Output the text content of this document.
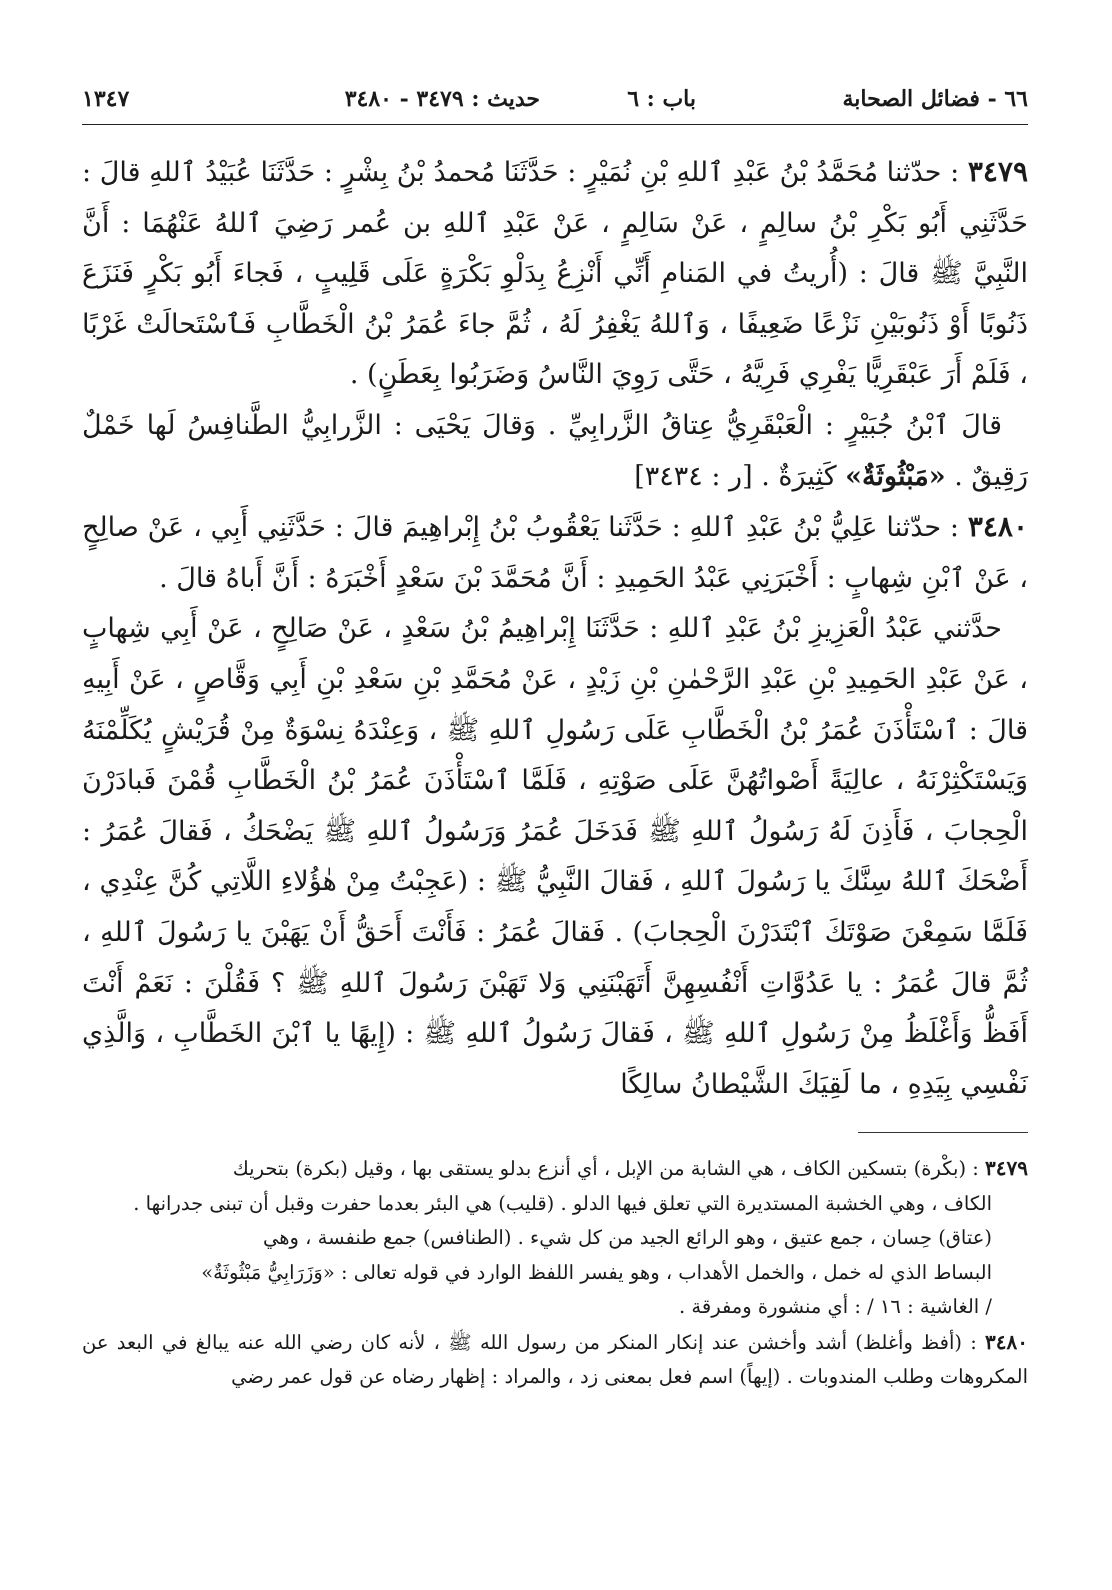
٦٦ - فضائل الصحابة
باب : ٦
حديث : ٣٤٧٩ - ٣٤٨٠
١٣٤٧

٣٤٧٩ : حدّثنا مُحَمَّدُ بْنُ عَبْدِ ٱللهِ بْنِ نُمَيْرٍ : حَدَّثَنَا مُحمدُ بْنُ بِشْرٍ : حَدَّثَنَا عُبَيْدُ ٱللهِ قالَ : حَدَّثَنِي أَبُو بَكْرِ بْنُ سالِمٍ ، عَنْ سَالِمٍ ، عَنْ عَبْدِ ٱللهِ بن عُمر رَضِيَ ٱللهُ عَنْهُمَا : أَنَّ النَّبِيَّ ﷺ قالَ : (أُريتُ في المَنامِ أَنِّي أَنْزِعُ بِدَلْوِ بَكْرَةٍ عَلَى قَلِيبٍ ، فَجاءَ أَبُو بَكْرٍ فَنَزَعَ ذَنُوبًا أَوْ ذَنُوبَيْنِ نَزْعًا ضَعِيفًا ، وَٱللهُ يَغْفِرُ لَهُ ، ثُمَّ جاءَ عُمَرُ بْنُ الْخَطَّابِ فَٱسْتَحالَتْ غَرْبًا ، فَلَمْ أَرَ عَبْقَرِيًّا يَفْرِي فَرِيَّهُ ، حَتَّى رَوِيَ النَّاسُ وَضَرَبُوا بِعَطَنٍ) .

قالَ ٱبْنُ جُبَيْرٍ : الْعَبْقَرِيُّ عِتاقُ الزَّرابِيِّ . وَقالَ يَحْيَى : الزَّرابِيُّ الطَّنافِسُ لَها خَمْلٌ رَقِيقٌ . «مَبْثُوثَةٌ» كَثِيرَةٌ . [ر : ٣٤٣٤]

٣٤٨٠ : حدّثنا عَلِيُّ بْنُ عَبْدِ ٱللهِ : حَدَّثَنا يَعْقُوبُ بْنُ إِبْراهِيمَ قالَ : حَدَّثَنِي أَبِي ، عَنْ صالِحٍ ، عَنْ ٱبْنِ شِهابٍ : أَخْبَرَنِي عَبْدُ الحَمِيدِ : أَنَّ مُحَمَّدَ بْنَ سَعْدٍ أَخْبَرَهُ : أَنَّ أَباهُ قالَ .

حدَّثني عَبْدُ الْعَزِيزِ بْنُ عَبْدِ ٱللهِ : حَدَّثَنَا إِبْراهِيمُ بْنُ سَعْدٍ ، عَنْ صَالِحٍ ، عَنْ أَبِي شِهابٍ ، عَنْ عَبْدِ الحَمِيدِ بْنِ عَبْدِ الرَّحْمٰنِ بْنِ زَيْدٍ ، عَنْ مُحَمَّدِ بْنِ سَعْدِ بْنِ أَبِي وَقَّاصٍ ، عَنْ أَبِيهِ قالَ : ٱسْتَأْذَنَ عُمَرُ بْنُ الْخَطَّابِ عَلَى رَسُولِ ٱللهِ ﷺ ، وَعِنْدَهُ نِسْوَةٌ مِنْ قُرَيْشٍ يُكَلِّمْنَهُ وَيَسْتَكْثِرْنَهُ ، عالِيَةً أَصْواتُهُنَّ عَلَى صَوْتِهِ ، فَلَمَّا ٱسْتَأْذَنَ عُمَرُ بْنُ الْخَطَّابِ قُمْنَ فَبادَرْنَ الْحِجابَ ، فَأَذِنَ لَهُ رَسُولُ ٱللهِ ﷺ فَدَخَلَ عُمَرُ وَرَسُولُ ٱللهِ ﷺ يَضْحَكُ ، فَقالَ عُمَرُ : أَضْحَكَ ٱللهُ سِنَّكَ يا رَسُولَ ٱللهِ ، فَقالَ النَّبِيُّ ﷺ : (عَجِبْتُ مِنْ هٰؤُلاءِ اللَّاتِي كُنَّ عِنْدِي ، فَلَمَّا سَمِعْنَ صَوْتَكَ ٱبْتَدَرْنَ الْحِجابَ) . فَقالَ عُمَرُ : فَأَنْتَ أَحَقُّ أَنْ يَهَبْنَ يا رَسُولَ ٱللهِ ، ثُمَّ قالَ عُمَرُ : يا عَدُوَّاتِ أَنْفُسِهِنَّ أَتَهَبْنَنِي وَلا تَهَبْنَ رَسُولَ ٱللهِ ﷺ ؟ فَقُلْنَ : نَعَمْ أَنْتَ أَفَظُّ وَأَغْلَظُ مِنْ رَسُولِ ٱللهِ ﷺ ، فَقالَ رَسُولُ ٱللهِ ﷺ : (إِيهًا يا ٱبْنَ الخَطَّابِ ، وَالَّذِي نَفْسِي بِيَدِهِ ، ما لَقِيَكَ الشَّيْطانُ سالِكًا

٣٤٧٩ : (بكْرة) بتسكين الكاف ، هي الشابة من الإبل ، أي أنزع بدلو يستقى بها ، وقيل (بكرة) بتحريك

الكاف ، وهي الخشبة المستديرة التي تعلق فيها الدلو . (قليب) هي البئر بعدما حفرت وقبل أن تبنى جدرانها .

(عتاق) حِسان ، جمع عتيق ، وهو الرائع الجيد من كل شيء . (الطنافس) جمع طنفسة ، وهي

البساط الذي له خمل ، والخمل الأهداب ، وهو يفسر اللفظ الوارد في قوله تعالى : «وَزَرَابِيُّ مَبْثُوثَةٌ»

/ الغاشية : ١٦ / : أي منشورة ومفرقة .

٣٤٨٠ : (أفظ وأغلظ) أشد وأخشن عند إنكار المنكر من رسول الله ﷺ ، لأنه كان رضي الله عنه يبالغ في البعد عن المكروهات وطلب المندوبات . (إيهاً) اسم فعل بمعنى زد ، والمراد : إظهار رضاه عن قول عمر رضي
